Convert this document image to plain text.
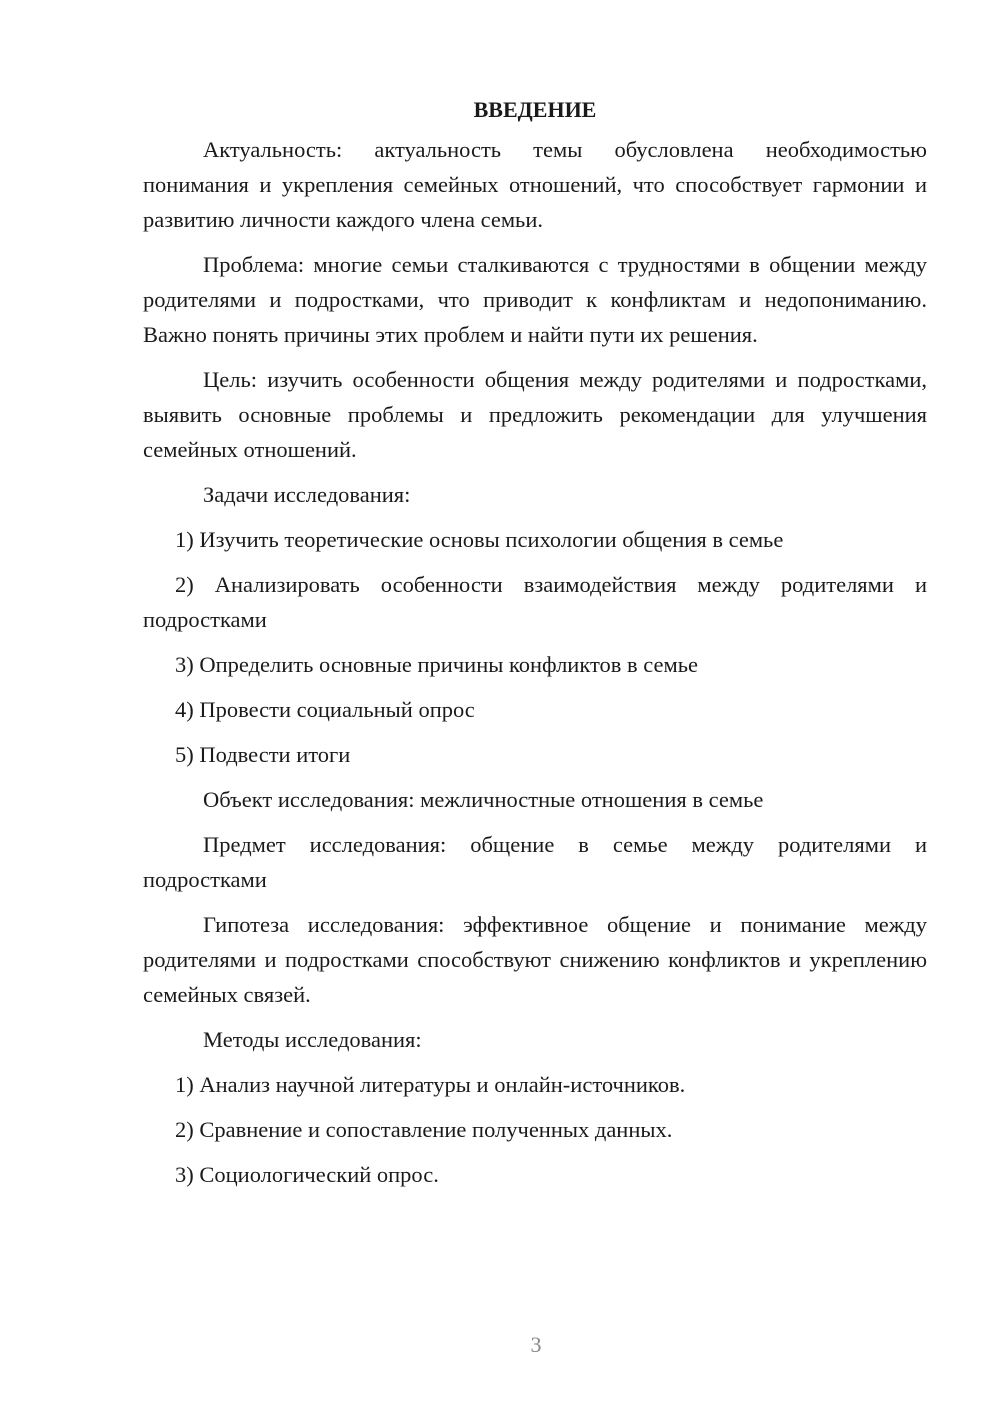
ВВЕДЕНИЕ

Актуальность: актуальность темы обусловлена необходимостью понимания и укрепления семейных отношений, что способствует гармонии и развитию личности каждого члена семьи.

Проблема: многие семьи сталкиваются с трудностями в общении между родителями и подростками, что приводит к конфликтам и недопониманию. Важно понять причины этих проблем и найти пути их решения.

Цель: изучить особенности общения между родителями и подростками, выявить основные проблемы и предложить рекомендации для улучшения семейных отношений.

Задачи исследования:

1) Изучить теоретические основы психологии общения в семье

2) Анализировать особенности взаимодействия между родителями и подростками

3) Определить основные причины конфликтов в семье

4) Провести социальный опрос

5) Подвести итоги

Объект исследования: межличностные отношения в семье

Предмет исследования: общение в семье между родителями и подростками

Гипотеза исследования: эффективное общение и понимание между родителями и подростками способствуют снижению конфликтов и укреплению семейных связей.

Методы исследования:

1) Анализ научной литературы и онлайн-источников.

2) Сравнение и сопоставление полученных данных.

3) Социологический опрос.

3
